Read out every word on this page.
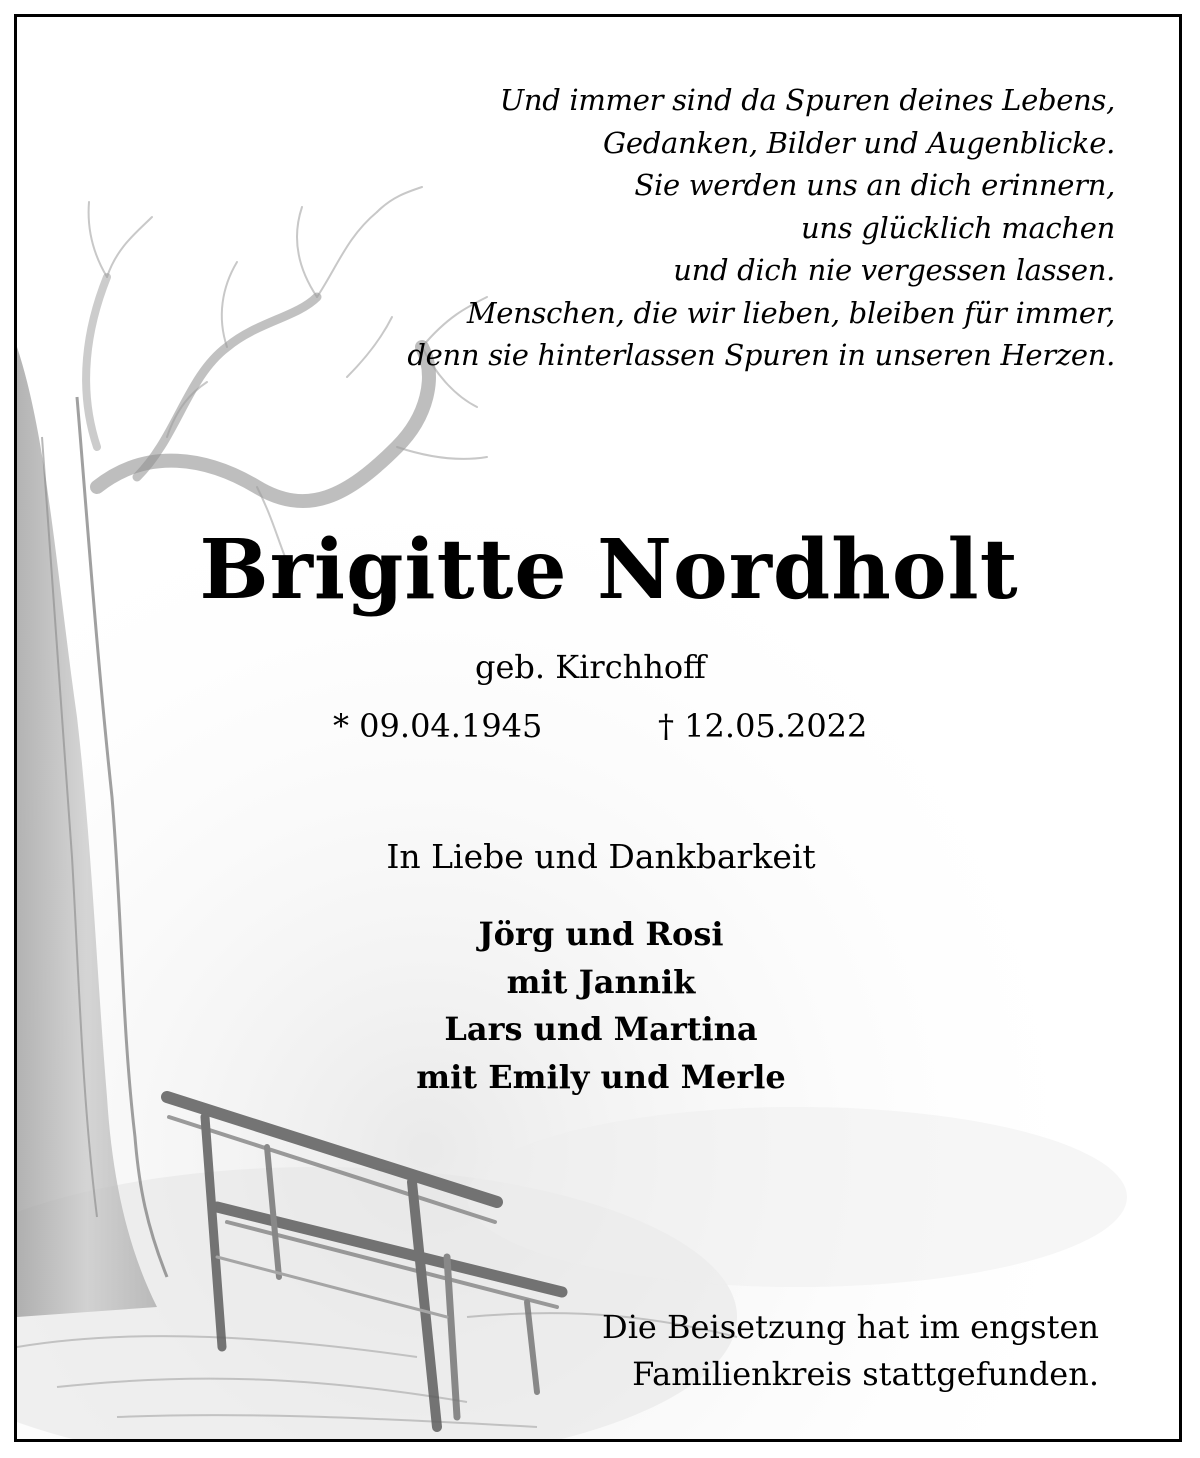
Und immer sind da Spuren deines Lebens,
Gedanken, Bilder und Augenblicke.
Sie werden uns an dich erinnern,
uns glücklich machen
und dich nie vergessen lassen.
Menschen, die wir lieben, bleiben für immer,
denn sie hinterlassen Spuren in unseren Herzen.
Brigitte Nordholt
geb. Kirchhoff
* 09.04.1945	† 12.05.2022
In Liebe und Dankbarkeit
Jörg und Rosi
mit Jannik
Lars und Martina
mit Emily und Merle
Die Beisetzung hat im engsten
Familienkreis stattgefunden.
